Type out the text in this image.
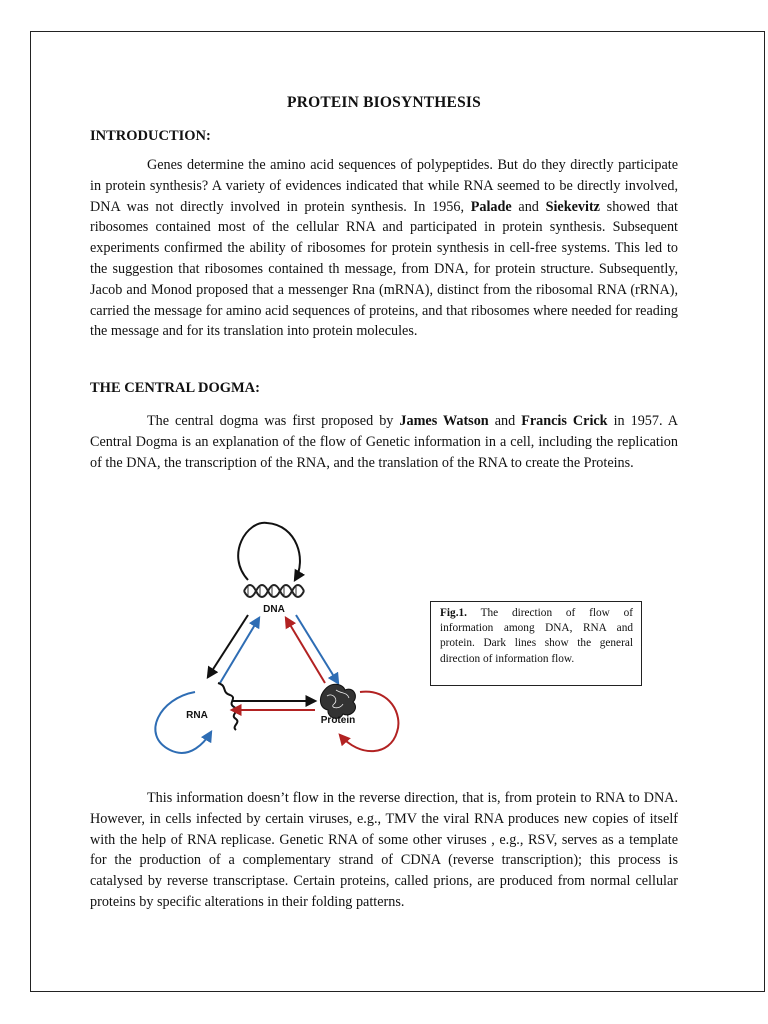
PROTEIN BIOSYNTHESIS
INTRODUCTION:

Genes determine the amino acid sequences of polypeptides. But do they directly participate in protein synthesis? A variety of evidences indicated that while RNA seemed to be directly involved, DNA was not directly involved in protein synthesis. In 1956, Palade and Siekevitz showed that ribosomes contained most of the cellular RNA and participated in protein synthesis. Subsequent experiments confirmed the ability of ribosomes for protein synthesis in cell-free systems. This led to the suggestion that ribosomes contained th message, from DNA, for protein structure. Subsequently, Jacob and Monod proposed that a messenger Rna (mRNA), distinct from the ribosomal RNA (rRNA), carried the message for amino acid sequences of proteins, and that ribosomes where needed for reading the message and for its translation into protein molecules.

THE CENTRAL DOGMA:

The central dogma was first proposed by James Watson and Francis Crick in 1957. A Central Dogma is an explanation of the flow of Genetic information in a cell, including the replication of the DNA, the transcription of the RNA, and the translation of the RNA to create the Proteins.

DNA
RNA	Protein
Fig.1. The direction of flow of information among DNA, RNA and protein. Dark lines show the general direction of information flow.

This information doesn’t flow in the reverse direction, that is, from protein to RNA to DNA. However, in cells infected by certain viruses, e.g., TMV the viral RNA produces new copies of itself with the help of RNA replicase. Genetic RNA of some other viruses , e.g., RSV, serves as a template for the production of a complementary strand of CDNA (reverse transcription); this process is catalysed by reverse transcriptase. Certain proteins, called prions, are produced from normal cellular proteins by specific alterations in their folding patterns.
